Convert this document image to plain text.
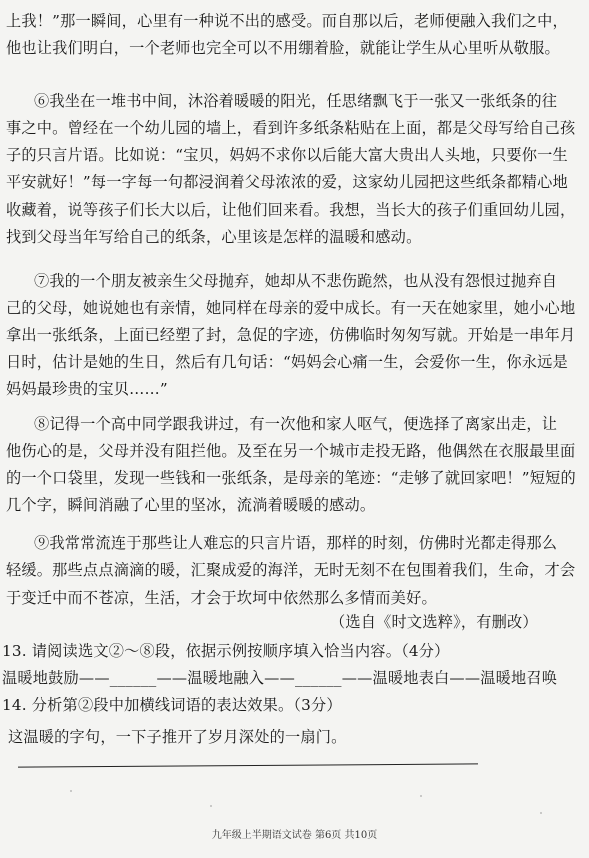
上我！”那一瞬间，心里有一种说不出的感受。而自那以后，老师便融入我们之中，
他也让我们明白，一个老师也完全可以不用绷着脸，就能让学生从心里听从敬服。
⑥我坐在一堆书中间，沐浴着暖暖的阳光，任思绪飘飞于一张又一张纸条的往
事之中。曾经在一个幼儿园的墙上，看到许多纸条粘贴在上面，都是父母写给自己孩
子的只言片语。比如说：“宝贝，妈妈不求你以后能大富大贵出人头地，只要你一生
平安就好！”每一字每一句都浸润着父母浓浓的爱，这家幼儿园把这些纸条都精心地
收藏着，说等孩子们长大以后，让他们回来看。我想，当长大的孩子们重回幼儿园，
找到父母当年写给自己的纸条，心里该是怎样的温暖和感动。
⑦我的一个朋友被亲生父母抛弃，她却从不悲伤跪然，也从没有怨恨过抛弃自
己的父母，她说她也有亲情，她同样在母亲的爱中成长。有一天在她家里，她小心地
拿出一张纸条，上面已经塑了封，急促的字迹，仿佛临时匆匆写就。开始是一串年月
日时，估计是她的生日，然后有几句话：“妈妈会心痛一生，会爱你一生，你永远是
妈妈最珍贵的宝贝……”
⑧记得一个高中同学跟我讲过，有一次他和家人呕气，便选择了离家出走，让
他伤心的是，父母并没有阻拦他。及至在另一个城市走投无路，他偶然在衣服最里面
的一个口袋里，发现一些钱和一张纸条，是母亲的笔迹：“走够了就回家吧！”短短的
几个字，瞬间消融了心里的坚冰，流淌着暖暖的感动。
⑨我常常流连于那些让人难忘的只言片语，那样的时刻，仿佛时光都走得那么
轻缓。那些点点滴滴的暖，汇聚成爱的海洋，无时无刻不在包围着我们，生命，才会
于变迁中而不苍凉，生活，才会于坎坷中依然那么多情而美好。
（选自《时文选粹》，有删改）
13. 请阅读选文②～⑧段，依据示例按顺序填入恰当内容。（4分）
温暖地鼓励——______——温暖地融入——______——温暖地表白——温暖地召唤
14. 分析第②段中加横线词语的表达效果。（3分）
这温暖的字句，一下子推开了岁月深处的一扇门。
九年级上半期语文试卷 第6页 共10页
